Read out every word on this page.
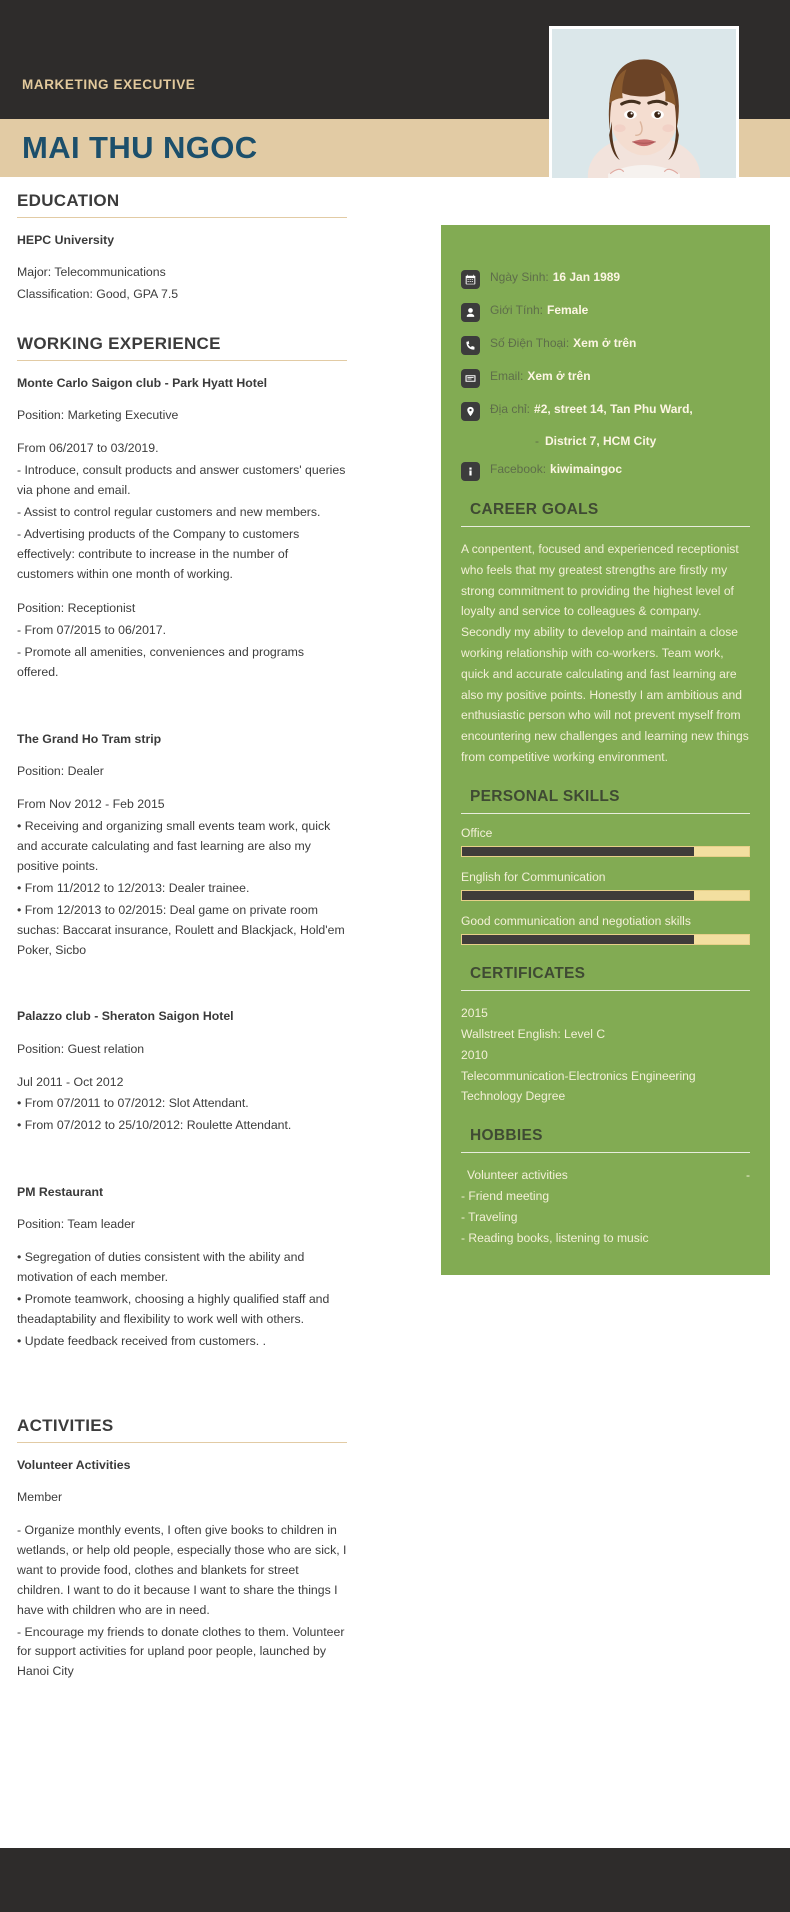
MARKETING EXECUTIVE
MAI THU NGOC
EDUCATION
HEPC University
Major: Telecommunications
Classification: Good, GPA 7.5
WORKING EXPERIENCE
Monte Carlo Saigon club - Park Hyatt Hotel
Position: Marketing Executive
From 06/2017 to 03/2019.
- Introduce, consult products and answer customers' queries via phone and email.
- Assist to control regular customers and new members.
- Advertising products of the Company to customers effectively: contribute to increase in the number of customers within one month of working.
Position: Receptionist
- From 07/2015 to 06/2017.
- Promote all amenities, conveniences and programs offered.
The Grand Ho Tram strip
Position: Dealer
From Nov 2012 - Feb 2015
• Receiving and organizing small events team work, quick and accurate calculating and fast learning are also my positive points.
• From 11/2012 to 12/2013: Dealer trainee.
• From 12/2013 to 02/2015: Deal game on private room suchas: Baccarat insurance, Roulett and Blackjack, Hold'em Poker, Sicbo
Palazzo club - Sheraton Saigon Hotel
Position: Guest relation
Jul 2011 - Oct 2012
• From 07/2011 to 07/2012: Slot Attendant.
• From 07/2012 to 25/10/2012: Roulette Attendant.
PM Restaurant
Position: Team leader
• Segregation of duties consistent with the ability and motivation of each member.
• Promote teamwork, choosing a highly qualified staff and theadaptability and flexibility to work well with others.
• Update feedback received from customers. .
ACTIVITIES
Volunteer Activities
Member
- Organize monthly events, I often give books to children in wetlands, or help old people, especially those who are sick, I want to provide food, clothes and blankets for street children. I want to do it because I want to share the things I have with children who are in need.
- Encourage my friends to donate clothes to them. Volunteer for support activities for upland poor people, launched by Hanoi City
Ngày Sinh: 16 Jan 1989
Giới Tính: Female
Số Điện Thoại: Xem ở trên
Email: Xem ở trên
Địa chỉ: #2, street 14, Tan Phu Ward,
- District 7, HCM City
Facebook: kiwimaingoc
CAREER GOALS
A conpentent, focused and experienced receptionist who feels that my greatest strengths are firstly my strong commitment to providing the highest level of loyalty and service to colleagues & company. Secondly my ability to develop and maintain a close working relationship with co-workers. Team work, quick and accurate calculating and fast learning are also my positive points. Honestly I am ambitious and enthusiastic person who will not prevent myself from encountering new challenges and learning new things from competitive working environment.
PERSONAL SKILLS
Office
English for Communication
Good communication and negotiation skills
CERTIFICATES
2015
Wallstreet English: Level C
2010
Telecommunication-Electronics Engineering Technology Degree
HOBBIES
Volunteer activities	-
- Friend meeting
- Traveling
- Reading books, listening to music
